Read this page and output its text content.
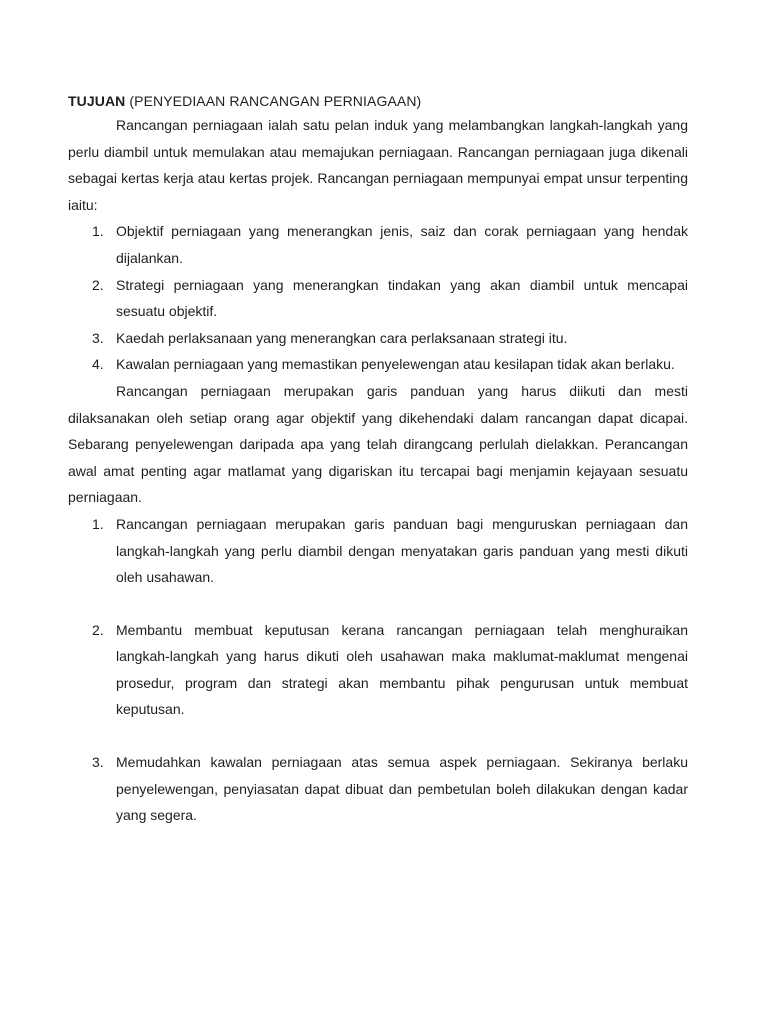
TUJUAN (PENYEDIAAN RANCANGAN PERNIAGAAN)

Rancangan perniagaan ialah satu pelan induk yang melambangkan langkah-langkah yang perlu diambil untuk memulakan atau memajukan perniagaan. Rancangan perniagaan juga dikenali sebagai kertas kerja atau kertas projek. Rancangan perniagaan mempunyai empat unsur terpenting iaitu:

1. Objektif perniagaan yang menerangkan jenis, saiz dan corak perniagaan yang hendak dijalankan.
2. Strategi perniagaan yang menerangkan tindakan yang akan diambil untuk mencapai sesuatu objektif.
3. Kaedah perlaksanaan yang menerangkan cara perlaksanaan strategi itu.
4. Kawalan perniagaan yang memastikan penyelewengan atau kesilapan tidak akan berlaku.

Rancangan perniagaan merupakan garis panduan yang harus diikuti dan mesti dilaksanakan oleh setiap orang agar objektif yang dikehendaki dalam rancangan dapat dicapai. Sebarang penyelewengan daripada apa yang telah dirangcang perlulah dielakkan. Perancangan awal amat penting agar matlamat yang digariskan itu tercapai bagi menjamin kejayaan sesuatu perniagaan.

1. Rancangan perniagaan merupakan garis panduan bagi menguruskan perniagaan dan langkah-langkah yang perlu diambil dengan menyatakan garis panduan yang mesti dikuti oleh usahawan.
2. Membantu membuat keputusan kerana rancangan perniagaan telah menghuraikan langkah-langkah yang harus dikuti oleh usahawan maka maklumat-maklumat mengenai prosedur, program dan strategi akan membantu pihak pengurusan untuk membuat keputusan.
3. Memudahkan kawalan perniagaan atas semua aspek perniagaan. Sekiranya berlaku penyelewengan, penyiasatan dapat dibuat dan pembetulan boleh dilakukan dengan kadar yang segera.
